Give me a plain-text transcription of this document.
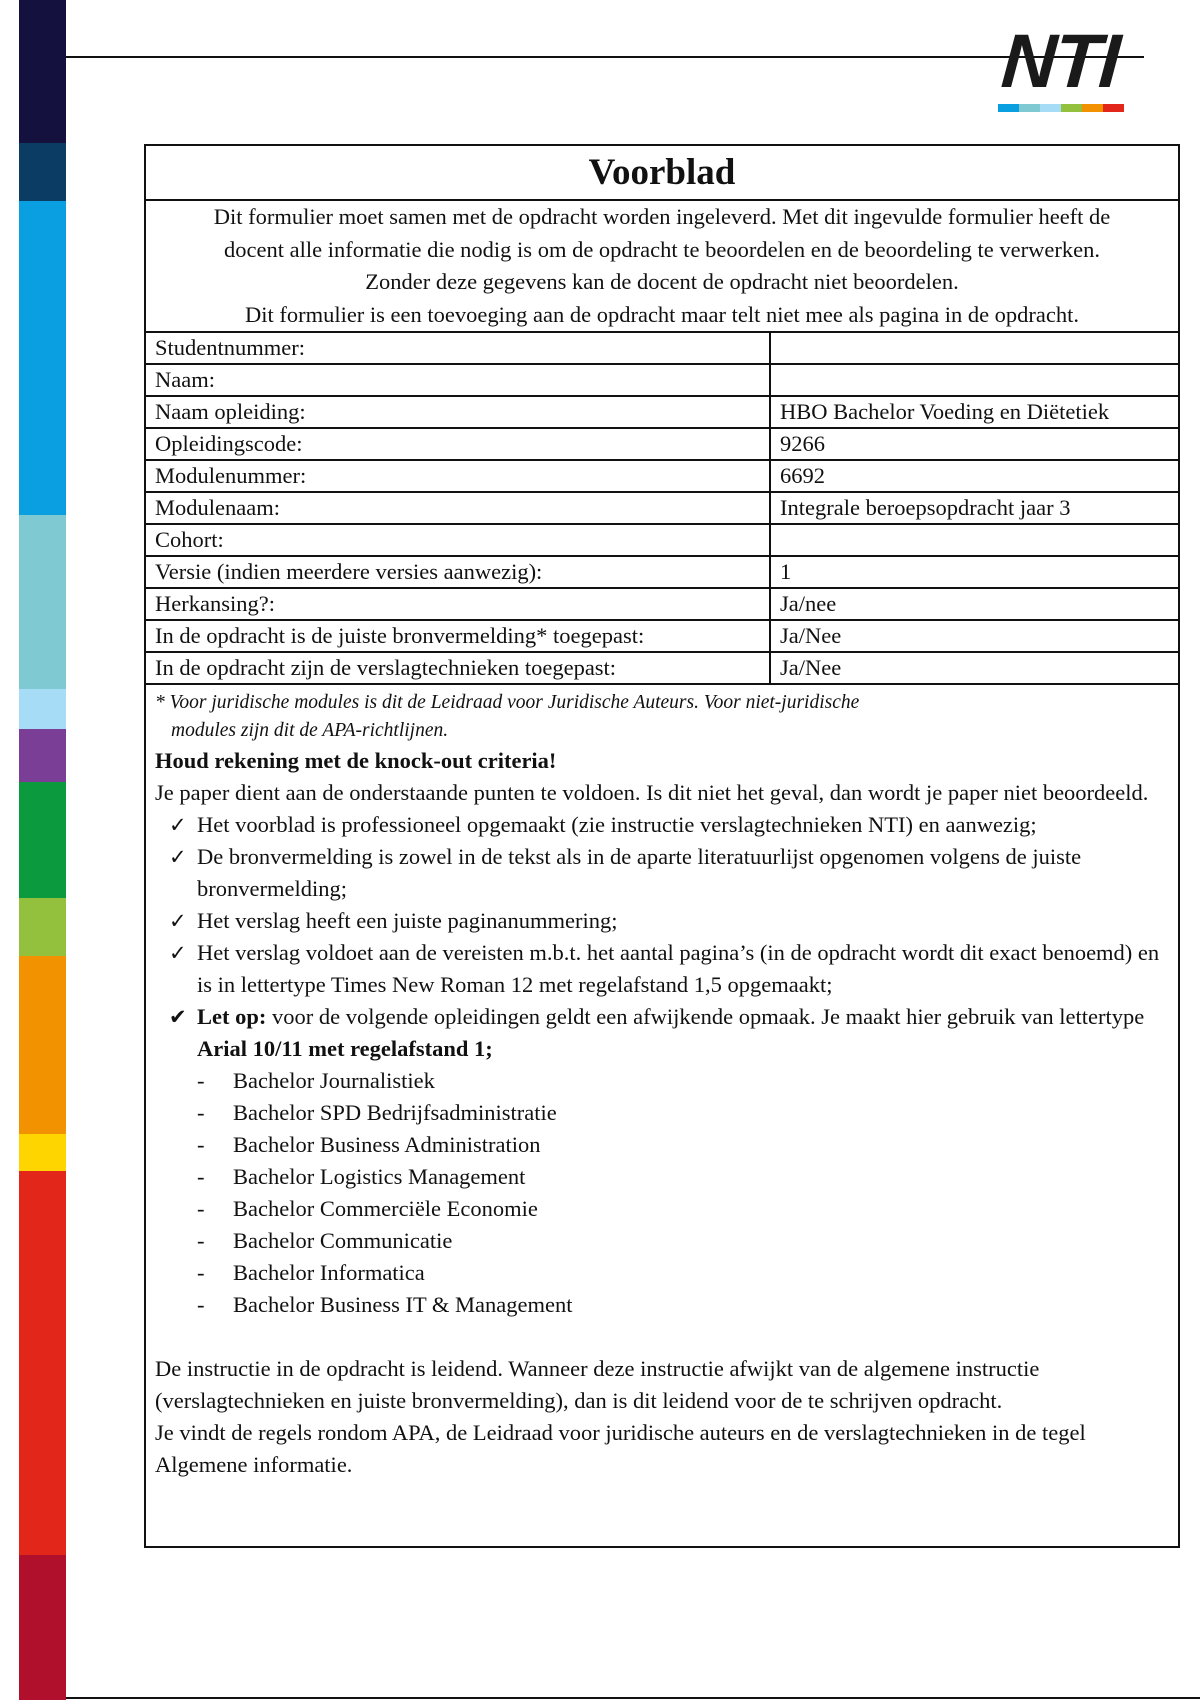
NTI
Voorblad

Dit formulier moet samen met de opdracht worden ingeleverd. Met dit ingevulde formulier heeft de

docent alle informatie die nodig is om de opdracht te beoordelen en de beoordeling te verwerken.

Zonder deze gegevens kan de docent de opdracht niet beoordelen.

Dit formulier is een toevoeging aan de opdracht maar telt niet mee als pagina in de opdracht.

Studentnummer:	
Naam:	
Naam opleiding:	HBO Bachelor Voeding en Diëtetiek
Opleidingscode:	9266
Modulenummer:	6692
Modulenaam:	Integrale beroepsopdracht jaar 3
Cohort:	
Versie (indien meerdere versies aanwezig):	1
Herkansing?:	Ja/nee
In de opdracht is de juiste bronvermelding* toegepast:	Ja/Nee
In de opdracht zijn de verslagtechnieken toegepast:	Ja/Nee

* Voor juridische modules is dit de Leidraad voor Juridische Auteurs. Voor niet-juridische
modules zijn dit de APA-richtlijnen.

Houd rekening met de knock-out criteria!

Je paper dient aan de onderstaande punten te voldoen. Is dit niet het geval, dan wordt je paper niet beoordeeld.

✓ Het voorblad is professioneel opgemaakt (zie instructie verslagtechnieken NTI) en aanwezig;
✓ De bronvermelding is zowel in de tekst als in de aparte literatuurlijst opgenomen volgens de juiste bronvermelding;
✓ Het verslag heeft een juiste paginanummering;
✓ Het verslag voldoet aan de vereisten m.b.t. het aantal pagina’s (in de opdracht wordt dit exact benoemd) en is in lettertype Times New Roman 12 met regelafstand 1,5 opgemaakt;
✔ Let op: voor de volgende opleidingen geldt een afwijkende opmaak. Je maakt hier gebruik van lettertype Arial 10/11 met regelafstand 1;
- Bachelor Journalistiek
- Bachelor SPD Bedrijfsadministratie
- Bachelor Business Administration
- Bachelor Logistics Management
- Bachelor Commerciële Economie
- Bachelor Communicatie
- Bachelor Informatica
- Bachelor Business IT & Management

De instructie in de opdracht is leidend. Wanneer deze instructie afwijkt van de algemene instructie (verslagtechnieken en juiste bronvermelding), dan is dit leidend voor de te schrijven opdracht.

Je vindt de regels rondom APA, de Leidraad voor juridische auteurs en de verslagtechnieken in de tegel Algemene informatie.
